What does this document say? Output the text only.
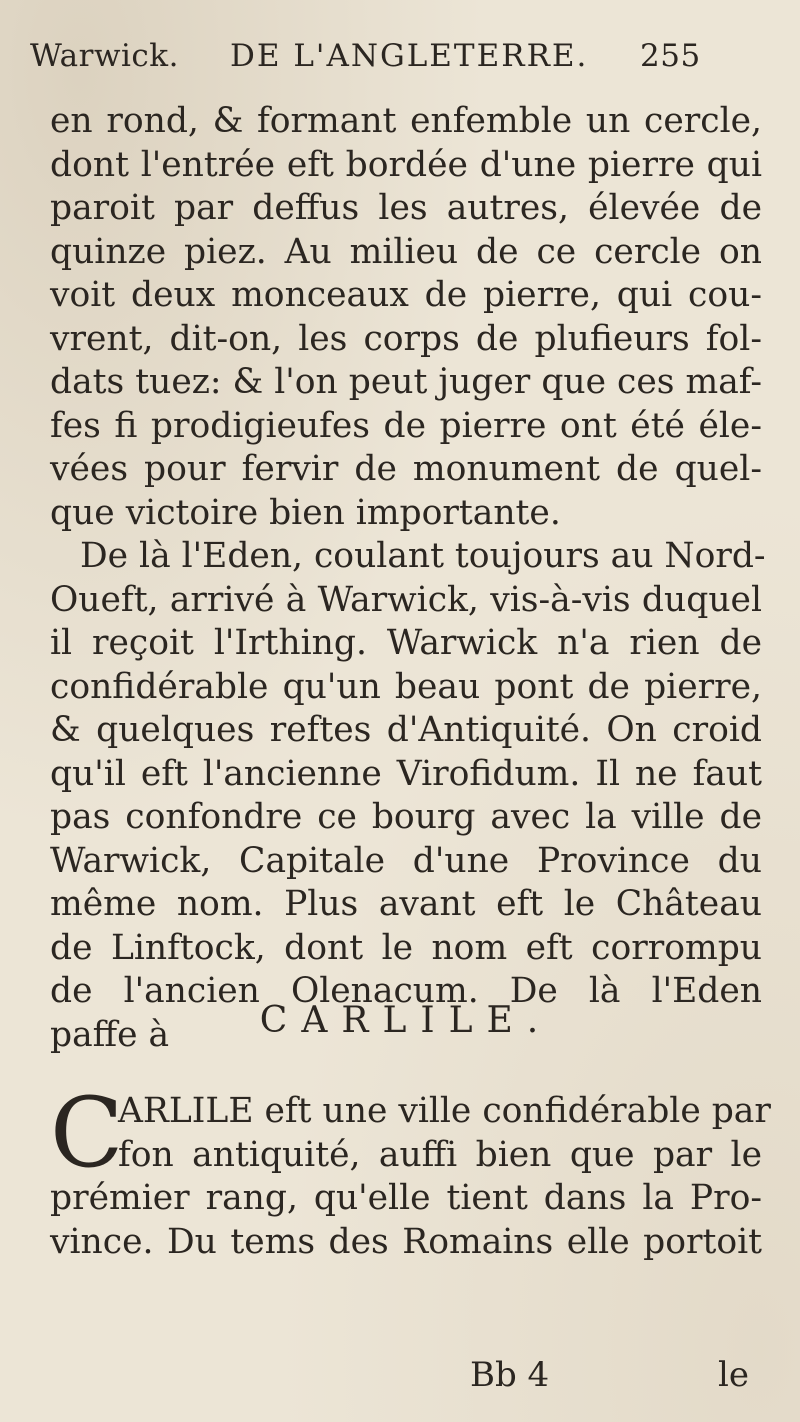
Warwick. DE L'ANGLETERRE. 255
en rond, & formant enfemble un cercle,
dont l'entrée eft bordée d'une pierre qui
paroit par deffus les autres, élevée de
quinze piez. Au milieu de ce cercle on
voit deux monceaux de pierre, qui cou-
vrent, dit-on, les corps de plufieurs fol-
dats tuez: & l'on peut juger que ces maf-
fes fi prodigieufes de pierre ont été éle-
vées pour fervir de monument de quel-
que victoire bien importante.
De là l'Eden, coulant toujours au Nord-
Oueft, arrivé à Warwick, vis-à-vis duquel
il reçoit l'Irthing. Warwick n'a rien de
confidérable qu'un beau pont de pierre,
& quelques reftes d'Antiquité. On croid
qu'il eft l'ancienne Virofidum. Il ne faut
pas confondre ce bourg avec la ville de
Warwick, Capitale d'une Province du
même nom. Plus avant eft le Château
de Linftock, dont le nom eft corrompu
de l'ancien Olenacum. De là l'Eden
paffe à	CARLILE.
C
ARLILE eft une ville confidérable par
fon antiquité, auffi bien que par le
prémier rang, qu'elle tient dans la Pro-
vince. Du tems des Romains elle portoit
Bb 4	le
